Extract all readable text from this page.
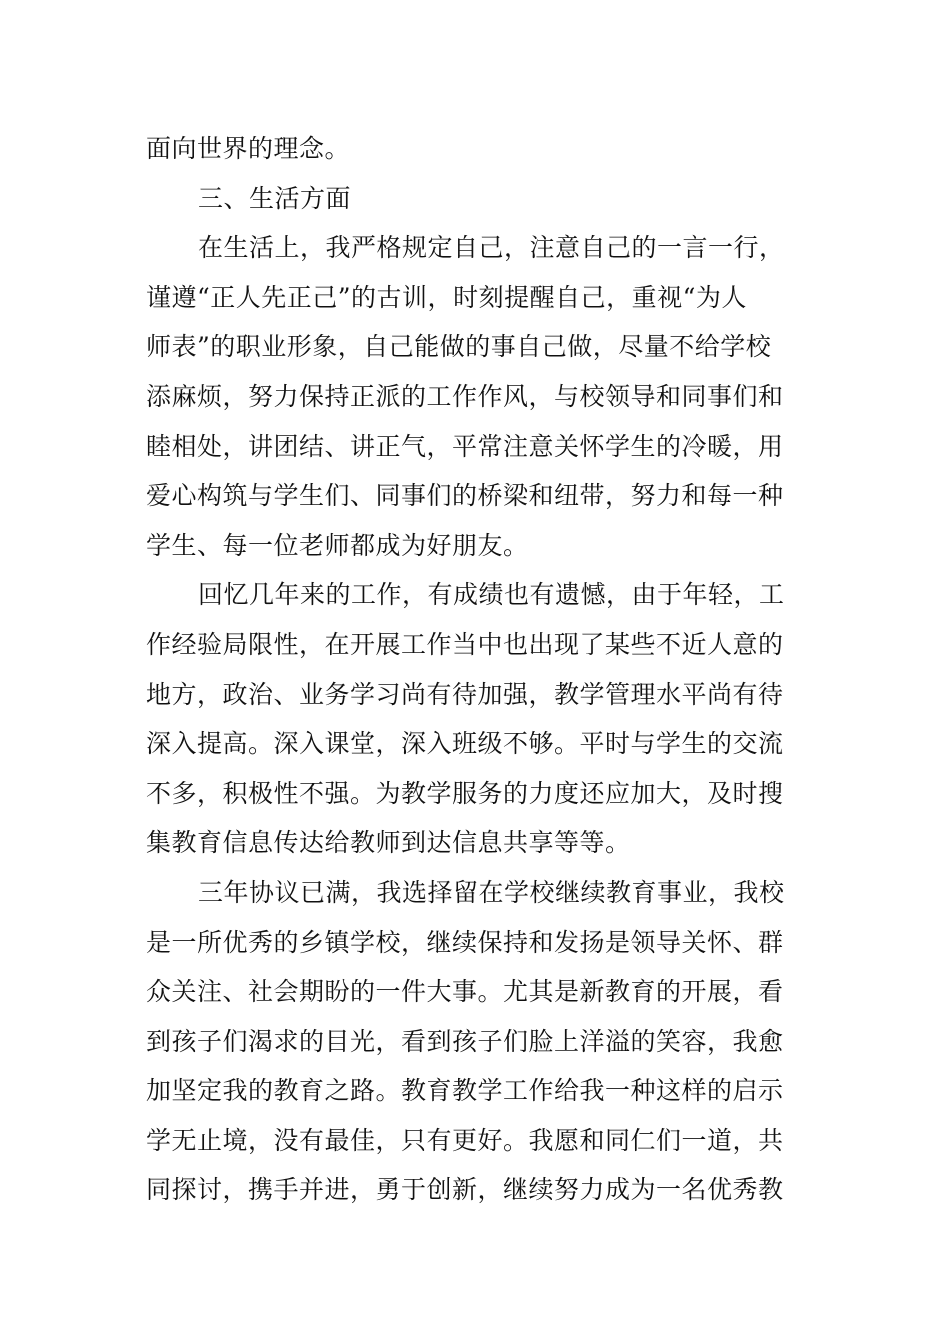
面向世界的理念。
三、生活方面
在生活上，我严格规定自己，注意自己的一言一行，
谨遵“正人先正己”的古训，时刻提醒自己，重视“为人
师表”的职业形象，自己能做的事自己做，尽量不给学校
添麻烦，努力保持正派的工作作风，与校领导和同事们和
睦相处，讲团结、讲正气，平常注意关怀学生的冷暖，用
爱心构筑与学生们、同事们的桥梁和纽带，努力和每一种
学生、每一位老师都成为好朋友。
回忆几年来的工作，有成绩也有遗憾，由于年轻，工
作经验局限性，在开展工作当中也出现了某些不近人意的
地方，政治、业务学习尚有待加强，教学管理水平尚有待
深入提高。深入课堂，深入班级不够。平时与学生的交流
不多，积极性不强。为教学服务的力度还应加大，及时搜
集教育信息传达给教师到达信息共享等等。
三年协议已满，我选择留在学校继续教育事业，我校
是一所优秀的乡镇学校，继续保持和发扬是领导关怀、群
众关注、社会期盼的一件大事。尤其是新教育的开展，看
到孩子们渴求的目光，看到孩子们脸上洋溢的笑容，我愈
加坚定我的教育之路。教育教学工作给我一种这样的启示
学无止境，没有最佳，只有更好。我愿和同仁们一道，共
同探讨，携手并进，勇于创新，继续努力成为一名优秀教
